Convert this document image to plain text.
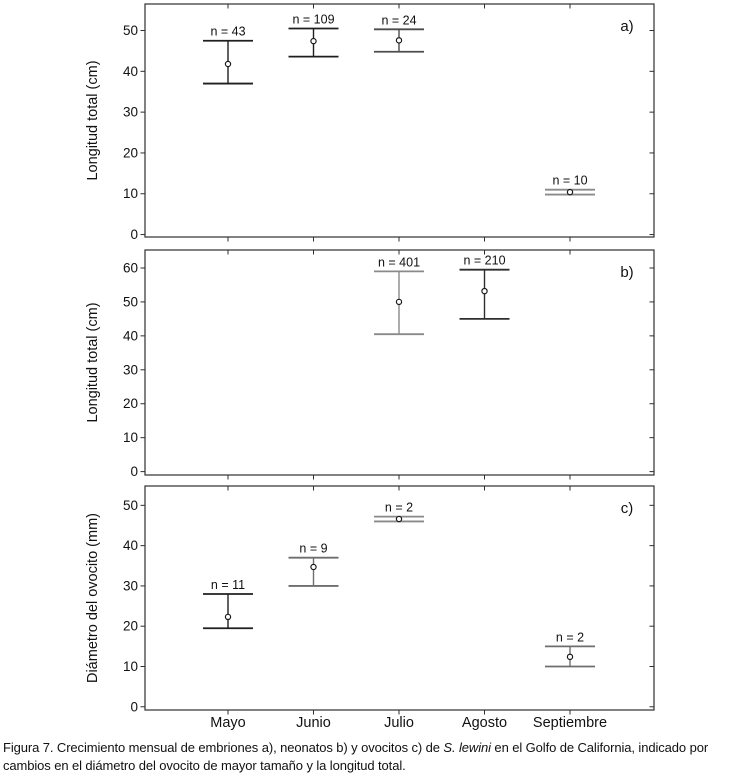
0
10
20
30
40
50	a)
Longitud total (cm)
n = 43
n = 109	n = 24
n = 10
0
10
20
30
40
50
60	b)
Longitud total (cm)
n = 401	n = 210
0
10
20
30
40
50	c)
Diámetro del ovocito (mm)	n = 11
n = 9
n = 2
n = 2
Mayo	Junio	Julio	Agosto Septiembre
Figura 7. Crecimiento mensual de embriones a), neonatos b) y ovocitos c) de S. lewini en el Golfo de California, indicado por cambios en el diámetro del ovocito de mayor tamaño y la longitud total.
